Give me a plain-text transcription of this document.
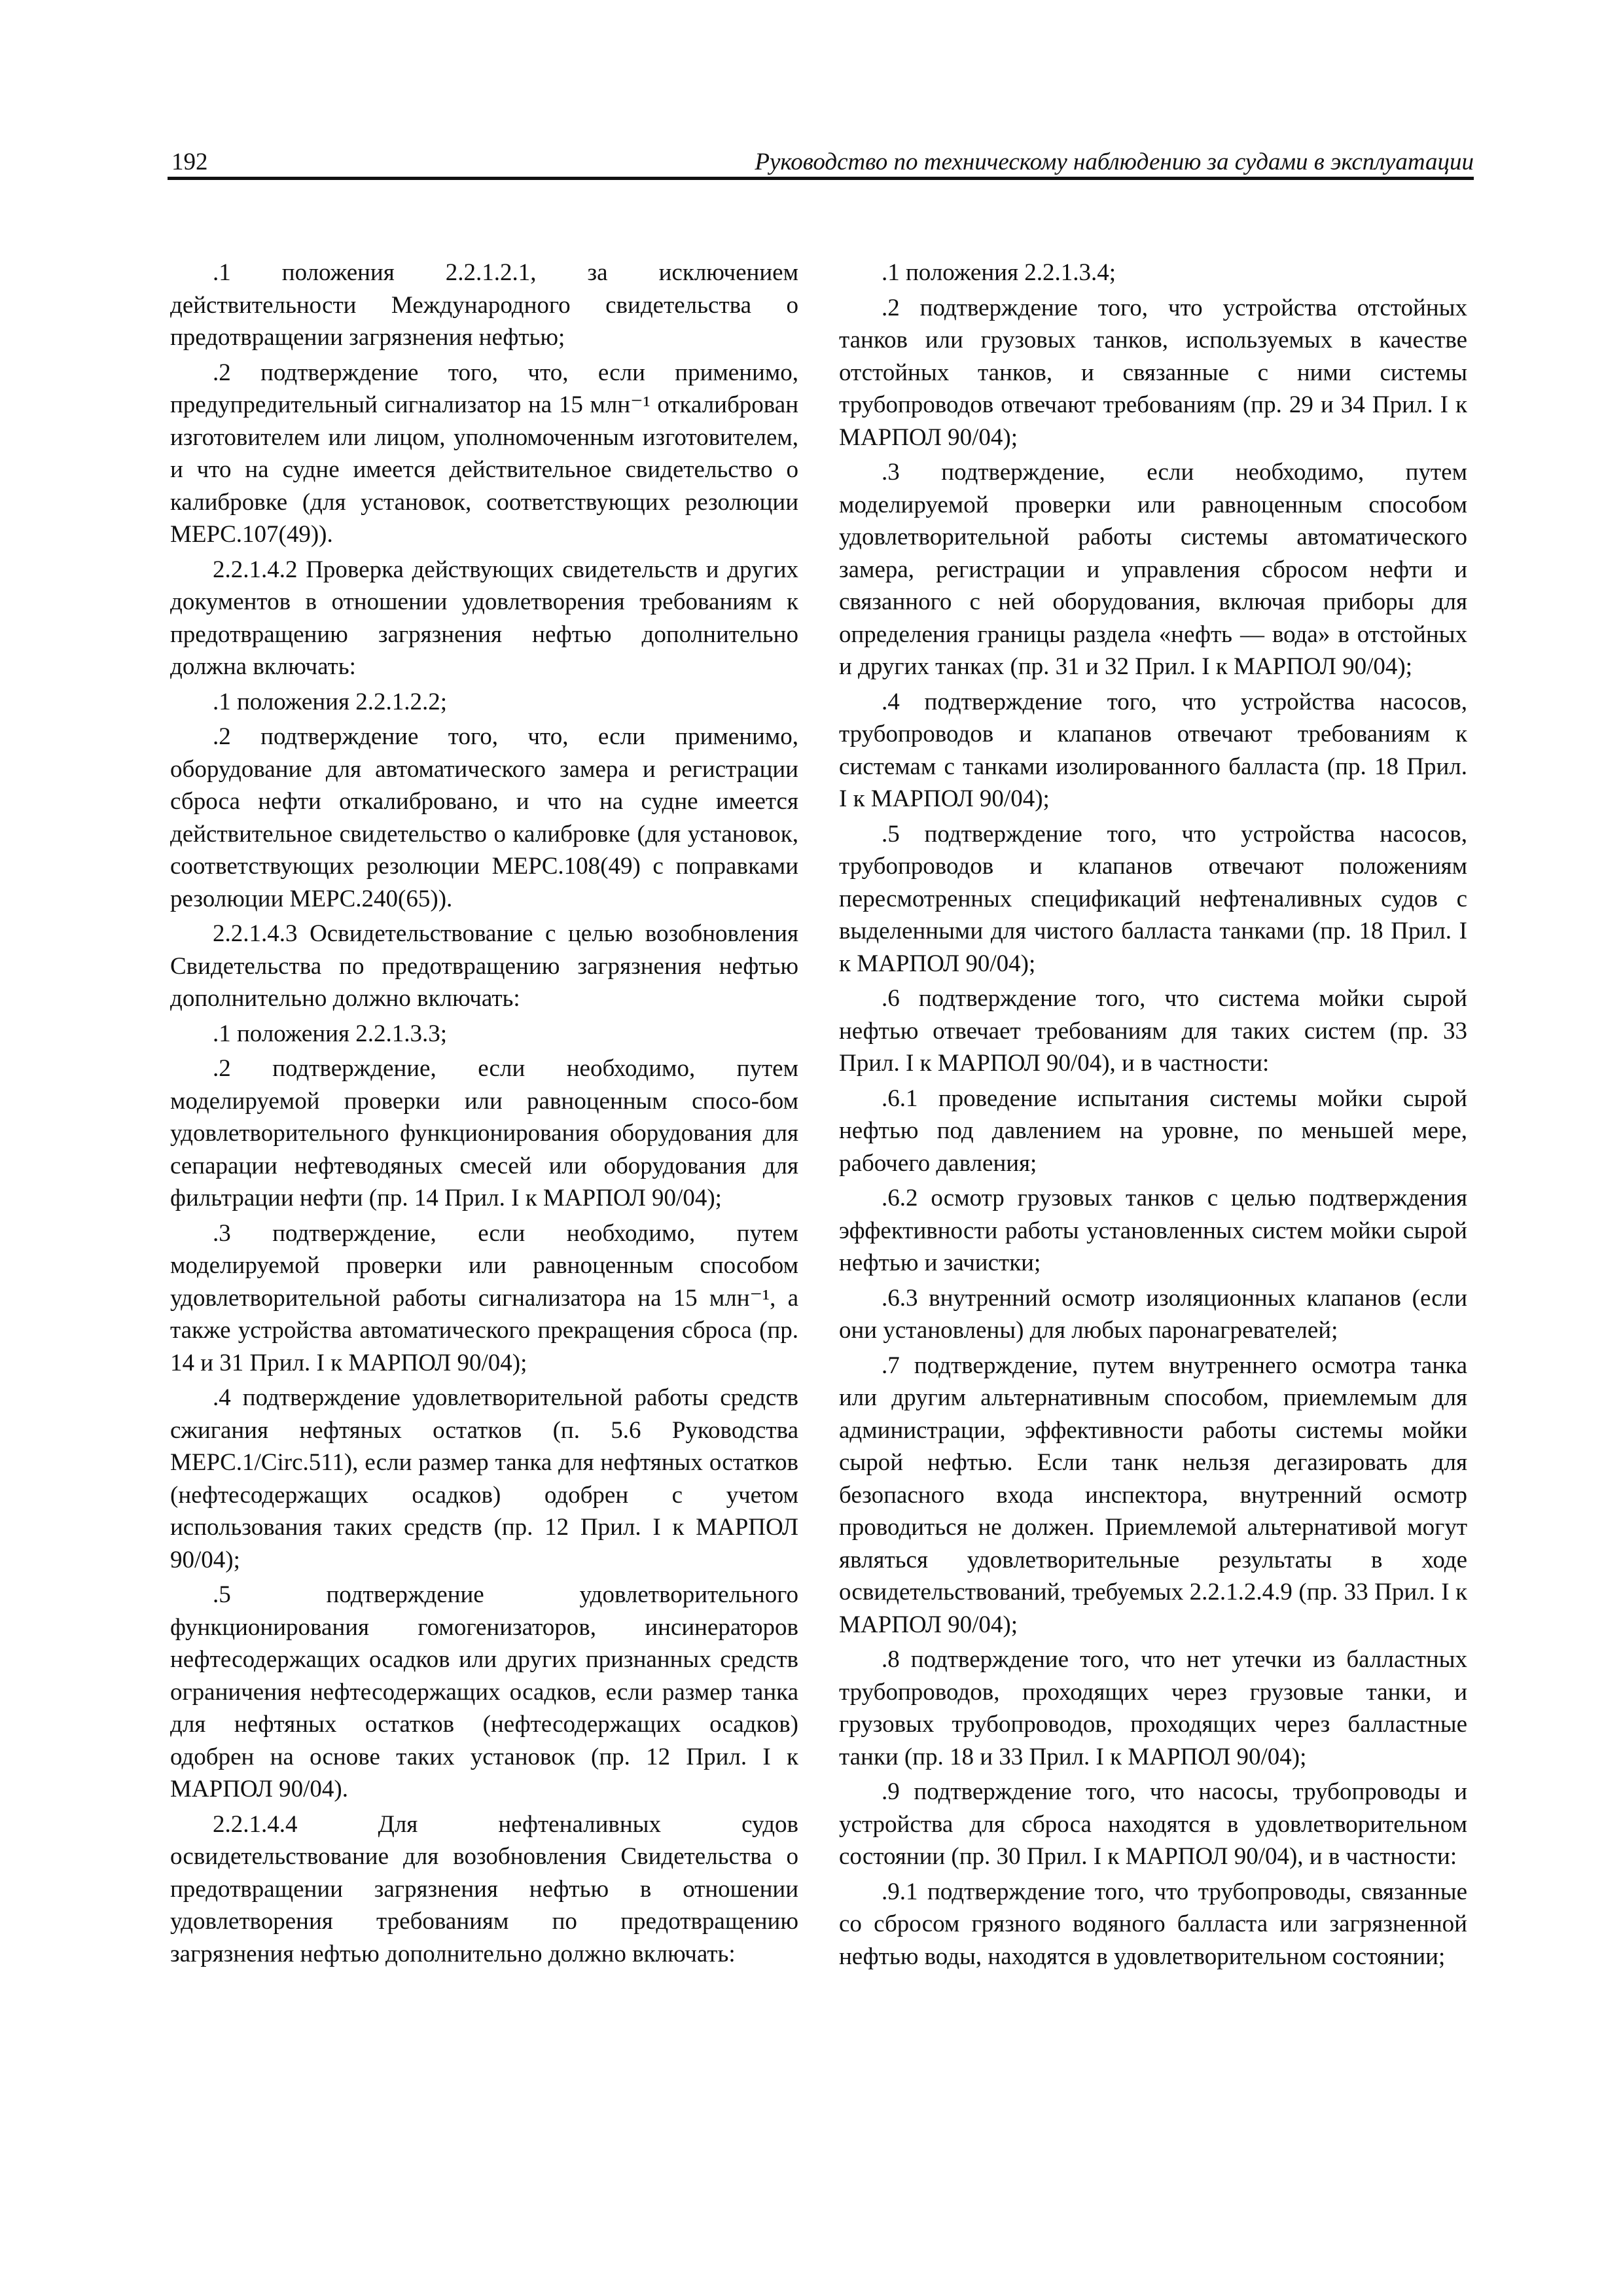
192	Руководство по техническому наблюдению за судами в эксплуатации

.1 положения 2.2.1.2.1, за исключением действительности Международного свидетельства о предотвращении загрязнения нефтью;

.2 подтверждение того, что, если применимо, предупредительный сигнализатор на 15 млн⁻¹ откалиброван изготовителем или лицом, уполномоченным изготовителем, и что на судне имеется действительное свидетельство о калибровке (для установок, соответствующих резолюции MEPC.107(49)).

2.2.1.4.2 Проверка действующих свидетельств и других документов в отношении удовлетворения требованиям к предотвращению загрязнения нефтью дополнительно должна включать:

.1 положения 2.2.1.2.2;

.2 подтверждение того, что, если применимо, оборудование для автоматического замера и регистрации сброса нефти откалибровано, и что на судне имеется действительное свидетельство о калибровке (для установок, соответствующих резолюции MEPC.108(49) с поправками резолюции MEPC.240(65)).

2.2.1.4.3 Освидетельствование с целью возобновления Свидетельства по предотвращению загрязнения нефтью дополнительно должно включать:

.1 положения 2.2.1.3.3;

.2 подтверждение, если необходимо, путем моделируемой проверки или равноценным спосо-бом удовлетворительного функционирования оборудования для сепарации нефтеводяных смесей или оборудования для фильтрации нефти (пр. 14 Прил. I к МАРПОЛ 90/04);

.3 подтверждение, если необходимо, путем моделируемой проверки или равноценным способом удовлетворительной работы сигнализатора на 15 млн⁻¹, а также устройства автоматического прекращения сброса (пр. 14 и 31 Прил. I к МАРПОЛ 90/04);

.4 подтверждение удовлетворительной работы средств сжигания нефтяных остатков (п. 5.6 Руководства MEPC.1/Circ.511), если размер танка для нефтяных остатков (нефтесодержащих осадков) одобрен с учетом использования таких средств (пр. 12 Прил. I к МАРПОЛ 90/04);

.5 подтверждение удовлетворительного функционирования гомогенизаторов, инсинераторов нефтесодержащих осадков или других признанных средств ограничения нефтесодержащих осадков, если размер танка для нефтяных остатков (нефтесодержащих осадков) одобрен на основе таких установок (пр. 12 Прил. I к МАРПОЛ 90/04).

2.2.1.4.4 Для нефтеналивных судов освидетельствование для возобновления Свидетельства о предотвращении загрязнения нефтью в отношении удовлетворения требованиям по предотвращению загрязнения нефтью дополнительно должно включать:

.1 положения 2.2.1.3.4;

.2 подтверждение того, что устройства отстойных танков или грузовых танков, используемых в качестве отстойных танков, и связанные с ними системы трубопроводов отвечают требованиям (пр. 29 и 34 Прил. I к МАРПОЛ 90/04);

.3 подтверждение, если необходимо, путем моделируемой проверки или равноценным способом удовлетворительной работы системы автоматического замера, регистрации и управления сбросом нефти и связанного с ней оборудования, включая приборы для определения границы раздела «нефть — вода» в отстойных и других танках (пр. 31 и 32 Прил. I к МАРПОЛ 90/04);

.4 подтверждение того, что устройства насосов, трубопроводов и клапанов отвечают требованиям к системам с танками изолированного балласта (пр. 18 Прил. I к МАРПОЛ 90/04);

.5 подтверждение того, что устройства насосов, трубопроводов и клапанов отвечают положениям пересмотренных спецификаций нефтеналивных судов с выделенными для чистого балласта танками (пр. 18 Прил. I к МАРПОЛ 90/04);

.6 подтверждение того, что система мойки сырой нефтью отвечает требованиям для таких систем (пр. 33 Прил. I к МАРПОЛ 90/04), и в частности:

.6.1 проведение испытания системы мойки сырой нефтью под давлением на уровне, по меньшей мере, рабочего давления;

.6.2 осмотр грузовых танков с целью подтверждения эффективности работы установленных систем мойки сырой нефтью и зачистки;

.6.3 внутренний осмотр изоляционных клапанов (если они установлены) для любых паронагревателей;

.7 подтверждение, путем внутреннего осмотра танка или другим альтернативным способом, приемлемым для администрации, эффективности работы системы мойки сырой нефтью. Если танк нельзя дегазировать для безопасного входа инспектора, внутренний осмотр проводиться не должен. Приемлемой альтернативой могут являться удовлетворительные результаты в ходе освидетельствований, требуемых 2.2.1.2.4.9 (пр. 33 Прил. I к МАРПОЛ 90/04);

.8 подтверждение того, что нет утечки из балластных трубопроводов, проходящих через грузовые танки, и грузовых трубопроводов, проходящих через балластные танки (пр. 18 и 33 Прил. I к МАРПОЛ 90/04);

.9 подтверждение того, что насосы, трубопроводы и устройства для сброса находятся в удовлетворительном состоянии (пр. 30 Прил. I к МАРПОЛ 90/04), и в частности:

.9.1 подтверждение того, что трубопроводы, связанные со сбросом грязного водяного балласта или загрязненной нефтью воды, находятся в удовлетворительном состоянии;
